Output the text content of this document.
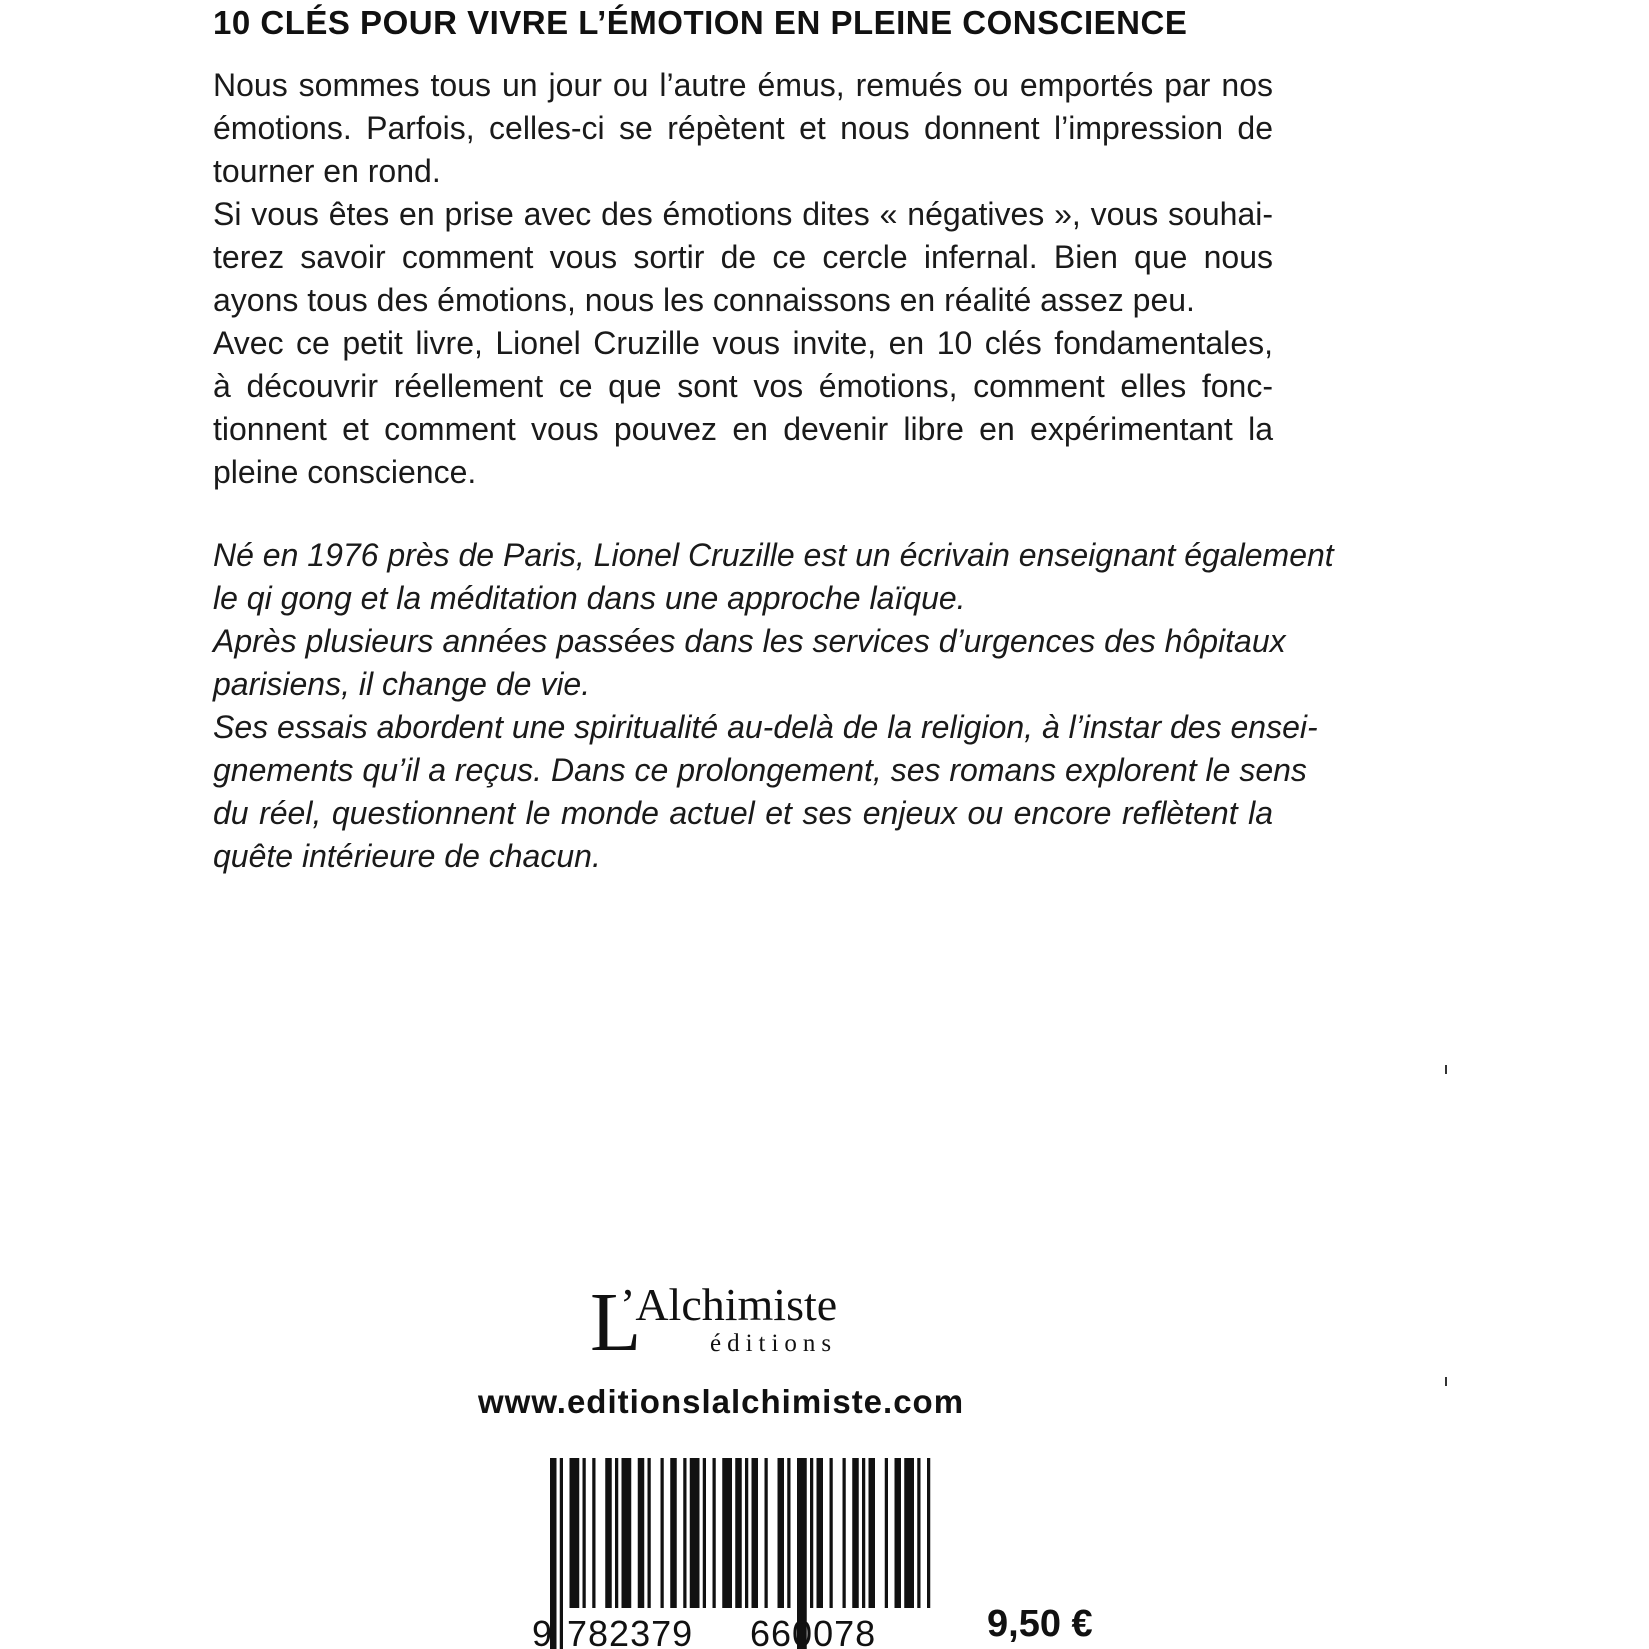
10 CLÉS POUR VIVRE L’ÉMOTION EN PLEINE CONSCIENCE
Nous sommes tous un jour ou l’autre émus, remués ou emportés par nos
émotions. Parfois, celles-ci se répètent et nous donnent l’impression de
tourner en rond.
Si vous êtes en prise avec des émotions dites « négatives », vous souhai-
terez savoir comment vous sortir de ce cercle infernal. Bien que nous
ayons tous des émotions, nous les connaissons en réalité assez peu.
Avec ce petit livre, Lionel Cruzille vous invite, en 10 clés fondamentales,
à découvrir réellement ce que sont vos émotions, comment elles fonc-
tionnent et comment vous pouvez en devenir libre en expérimentant la
pleine conscience.
Né en 1976 près de Paris, Lionel Cruzille est un écrivain enseignant également
le qi gong et la méditation dans une approche laïque.
Après plusieurs années passées dans les services d’urgences des hôpitaux
parisiens, il change de vie.
Ses essais abordent une spiritualité au-delà de la religion, à l’instar des ensei-
gnements qu’il a reçus. Dans ce prolongement, ses romans explorent le sens
du réel, questionnent le monde actuel et ses enjeux ou encore reflètent la
quête intérieure de chacun.
L
’Alchimiste
éditions
www.editionslalchimiste.com
9 782379 660078	9,50 €
